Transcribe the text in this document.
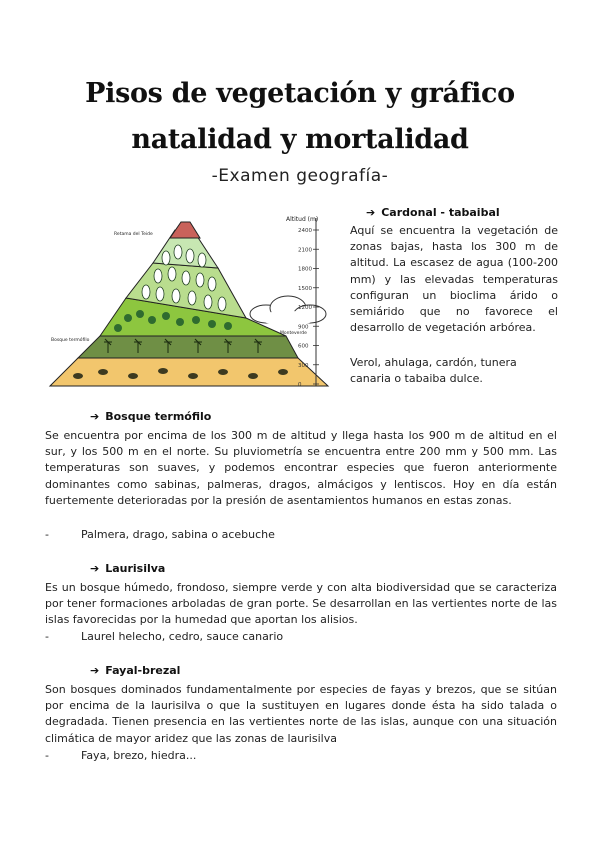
Pisos de vegetación y gráfico
natalidad y mortalidad
-Examen geografía-
2400
2100
1800
1500
1200
900
600
300
0
Altitud (m)
Retama del Teide
Monteverde
Bosque termófilo
➔ Cardonal - tabaibal
Aquí se encuentra la vegetación de zonas bajas, hasta los 300 m de altitud. La escasez de agua (100-200 mm) y las elevadas temperaturas configuran un bioclima árido o semiárido que no favorece el desarrollo de vegetación arbórea.
Verol, ahulaga, cardón, tunera canaria o tabaiba dulce.
➔ Bosque termófilo
Se encuentra por encima de los 300 m de altitud y llega hasta los 900 m de altitud en el sur, y los 500 m en el norte. Su pluviometría se encuentra entre 200 mm y 500 mm. Las temperaturas son suaves, y podemos encontrar especies que fueron anteriormente dominantes como sabinas, palmeras, dragos, almácigos y lentiscos. Hoy en día están fuertemente deterioradas por la presión de asentamientos humanos en estas zonas.
-	Palmera, drago, sabina o acebuche
➔ Laurisilva
Es un bosque húmedo, frondoso, siempre verde y con alta biodiversidad que se caracteriza por tener formaciones arboladas de gran porte. Se desarrollan en las vertientes norte de las islas favorecidas por la humedad que aportan los alisios.
-	Laurel helecho, cedro, sauce canario
➔ Fayal-brezal
Son bosques dominados fundamentalmente por especies de fayas y brezos, que se sitúan por encima de la laurisilva o que la sustituyen en lugares donde ésta ha sido talada o degradada. Tienen presencia en las vertientes norte de las islas, aunque con una situación climática de mayor aridez que las zonas de laurisilva
-	Faya, brezo, hiedra...
